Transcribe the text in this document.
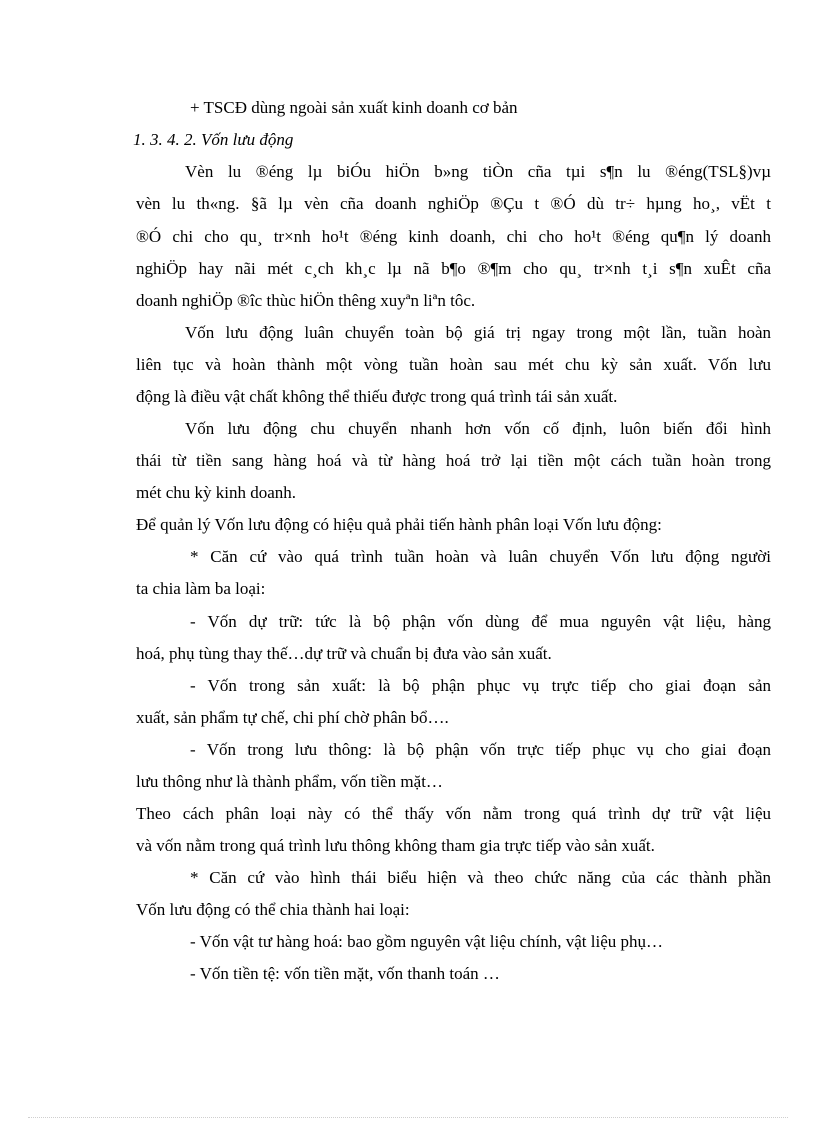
+ TSCĐ dùng ngoài sản xuất kinh doanh cơ bản
1. 3. 4. 2. Vốn lưu động
Vèn lu ®éng lµ biÓu hiÖn b»ng tiÒn cña tµi s¶n lu ®éng(TSL§)vµ
vèn lu th«ng. §ã lµ vèn cña doanh nghiÖp ®Çu t ®Ó dù tr÷ hµng ho¸, vËt t
®Ó chi cho qu¸ tr×nh ho¹t ®éng kinh doanh, chi cho ho¹t ®éng qu¶n lý doanh
nghiÖp hay nãi mét c¸ch kh¸c lµ nã b¶o ®¶m cho qu¸ tr×nh t¸i s¶n xuÊt cña
doanh nghiÖp ®îc thùc hiÖn thêng xuyªn liªn tôc.
Vốn lưu động luân chuyển toàn bộ giá trị ngay trong một lần, tuần hoàn
liên tục và hoàn thành một vòng tuần hoàn sau mét chu kỳ sản xuất. Vốn lưu
động là điều vật chất không thể thiếu được trong quá trình tái sản xuất.
Vốn lưu động chu chuyển nhanh hơn vốn cố định, luôn biến đổi hình
thái từ tiền sang hàng hoá và từ hàng hoá trở lại tiền một cách tuần hoàn trong
mét chu kỳ kinh doanh.
Để quản lý Vốn lưu động có hiệu quả phải tiến hành phân loại Vốn lưu động:
* Căn cứ vào quá trình tuần hoàn và luân chuyển Vốn lưu động người
ta chia làm ba loại:
- Vốn dự trữ: tức là bộ phận vốn dùng để mua nguyên vật liệu, hàng
hoá, phụ tùng thay thế…dự trữ và chuẩn bị đưa vào sản xuất.
- Vốn trong sản xuất: là bộ phận phục vụ trực tiếp cho giai đoạn sản
xuất, sản phẩm tự chế, chi phí chờ phân bổ….
- Vốn trong lưu thông: là bộ phận vốn trực tiếp phục vụ cho giai đoạn
lưu thông như là thành phẩm, vốn tiền mặt…
Theo cách phân loại này có thể thấy vốn nằm trong quá trình dự trữ vật liệu
và vốn nằm trong quá trình lưu thông không tham gia trực tiếp vào sản xuất.
* Căn cứ vào hình thái biểu hiện và theo chức năng của các thành phần
Vốn lưu động có thể chia thành hai loại:
- Vốn vật tư hàng hoá: bao gồm nguyên vật liệu chính, vật liệu phụ…
- Vốn tiền tệ: vốn tiền mặt, vốn thanh toán …
